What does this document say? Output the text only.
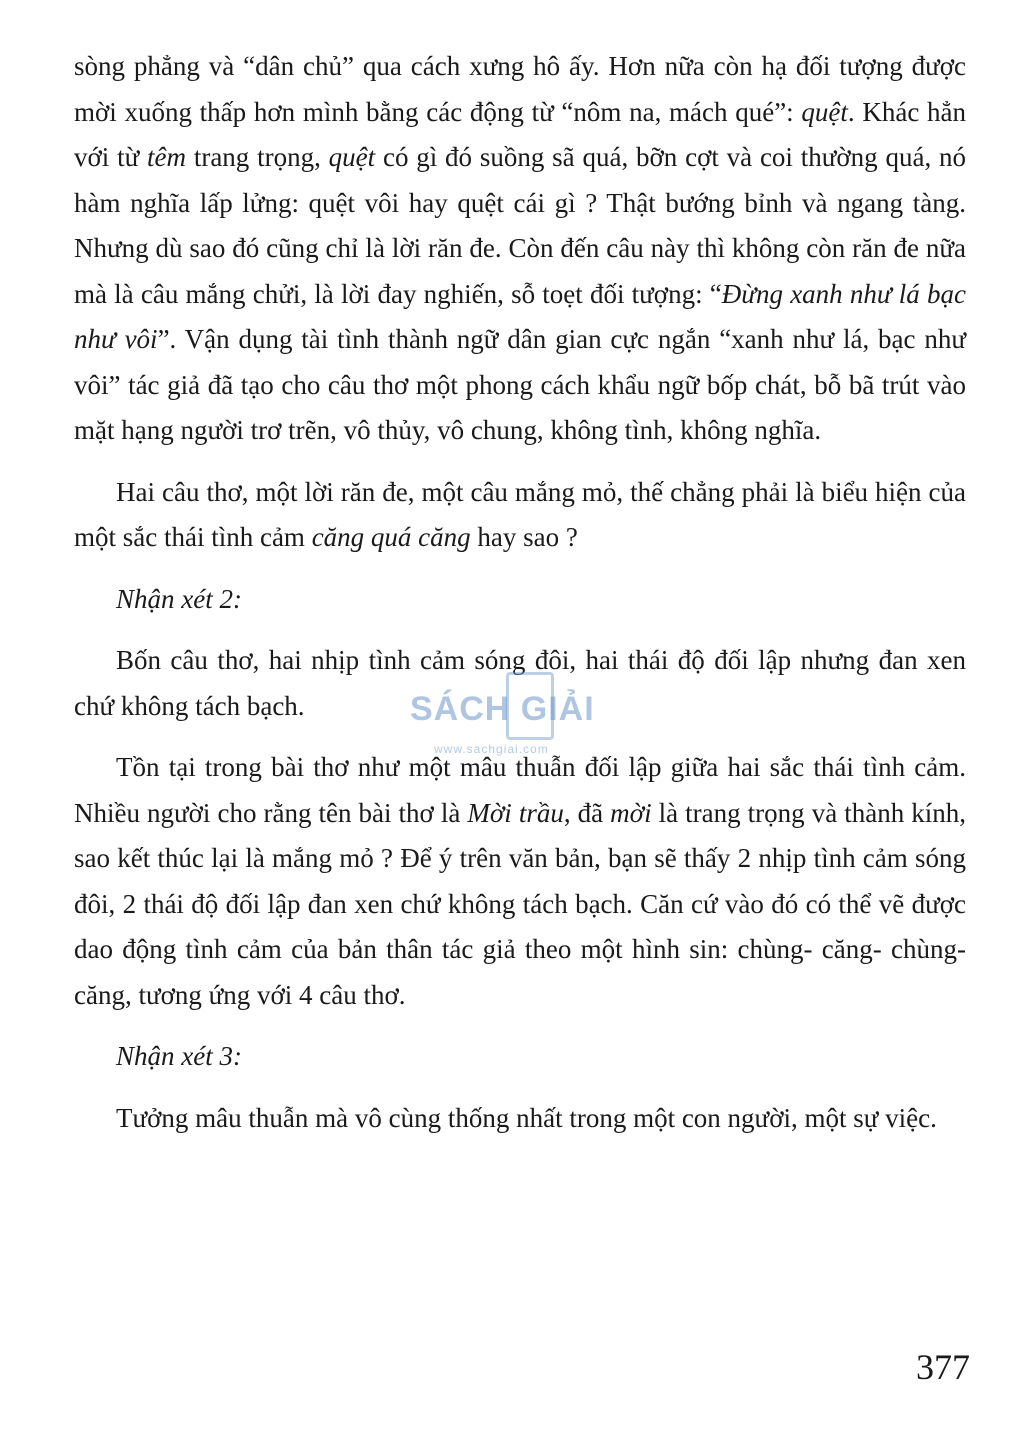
sòng phẳng và “dân chủ” qua cách xưng hô ấy. Hơn nữa còn hạ đối tượng được mời xuống thấp hơn mình bằng các động từ “nôm na, mách qué”: quệt. Khác hẳn với từ têm trang trọng, quệt có gì đó suồng sã quá, bỡn cợt và coi thường quá, nó hàm nghĩa lấp lửng: quệt vôi hay quệt cái gì ? Thật bướng bỉnh và ngang tàng. Nhưng dù sao đó cũng chỉ là lời răn đe. Còn đến câu này thì không còn răn đe nữa mà là câu mắng chửi, là lời đay nghiến, sỗ toẹt đối tượng: “Đừng xanh như lá bạc như vôi”. Vận dụng tài tình thành ngữ dân gian cực ngắn “xanh như lá, bạc như vôi” tác giả đã tạo cho câu thơ một phong cách khẩu ngữ bốp chát, bỗ bã trút vào mặt hạng người trơ trẽn, vô thủy, vô chung, không tình, không nghĩa.

Hai câu thơ, một lời răn đe, một câu mắng mỏ, thế chẳng phải là biểu hiện của một sắc thái tình cảm căng quá căng hay sao ?

Nhận xét 2:

Bốn câu thơ, hai nhịp tình cảm sóng đôi, hai thái độ đối lập nhưng đan xen chứ không tách bạch.

Tồn tại trong bài thơ như một mâu thuẫn đối lập giữa hai sắc thái tình cảm. Nhiều người cho rằng tên bài thơ là Mời trầu, đã mời là trang trọng và thành kính, sao kết thúc lại là mắng mỏ ? Để ý trên văn bản, bạn sẽ thấy 2 nhịp tình cảm sóng đôi, 2 thái độ đối lập đan xen chứ không tách bạch. Căn cứ vào đó có thể vẽ được dao động tình cảm của bản thân tác giả theo một hình sin: chùng- căng- chùng- căng, tương ứng với 4 câu thơ.

Nhận xét 3:

Tưởng mâu thuẫn mà vô cùng thống nhất trong một con người, một sự việc.

SÁCH GIẢI
www.sachgiai.com
377
